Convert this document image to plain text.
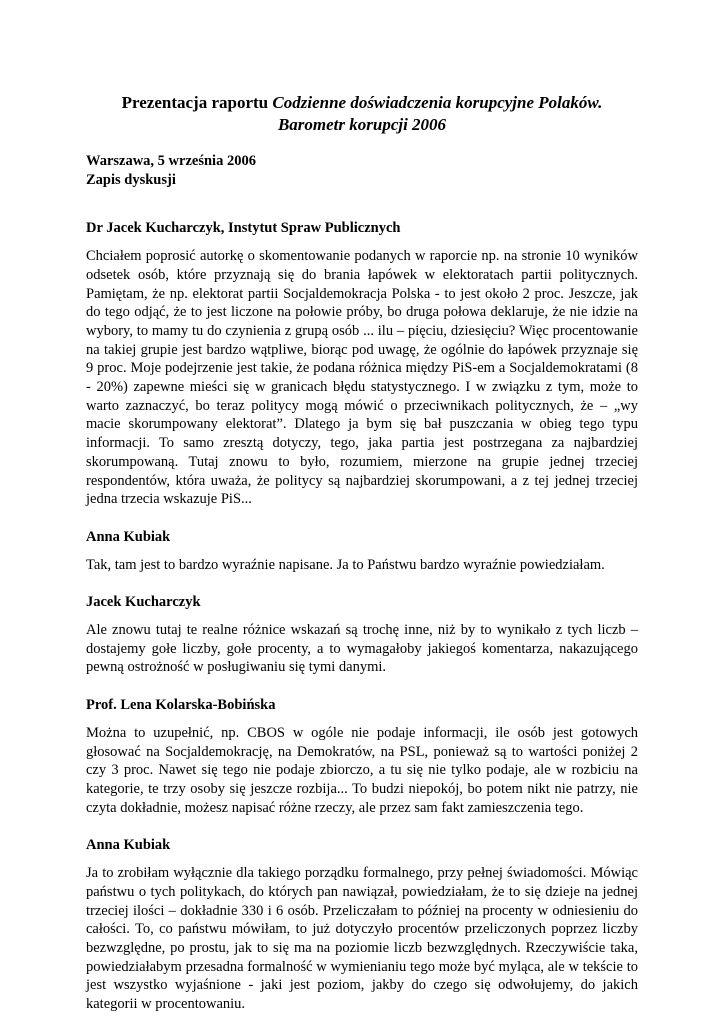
Prezentacja raportu Codzienne doświadczenia korupcyjne Polaków.
Barometr korupcji 2006
Warszawa, 5 września 2006
Zapis dyskusji

Dr Jacek Kucharczyk, Instytut Spraw Publicznych

Chciałem poprosić autorkę o skomentowanie podanych w raporcie np. na stronie 10 wyników odsetek osób, które przyznają się do brania łapówek w elektoratach partii politycznych. Pamiętam, że np. elektorat partii Socjaldemokracja Polska - to jest około 2 proc. Jeszcze, jak do tego odjąć, że to jest liczone na połowie próby, bo druga połowa deklaruje, że nie idzie na wybory, to mamy tu do czynienia z grupą osób ... ilu – pięciu, dziesięciu? Więc procentowanie na takiej grupie jest bardzo wątpliwe, biorąc pod uwagę, że ogólnie do łapówek przyznaje się 9 proc. Moje podejrzenie jest takie, że podana różnica między PiS-em a Socjaldemokratami (8 - 20%) zapewne mieści się w granicach błędu statystycznego. I w związku z tym, może to warto zaznaczyć, bo teraz politycy mogą mówić o przeciwnikach politycznych, że – „wy macie skorumpowany elektorat”. Dlatego ja bym się bał puszczania w obieg tego typu informacji. To samo zresztą dotyczy, tego, jaka partia jest postrzegana za najbardziej skorumpowaną. Tutaj znowu to było, rozumiem, mierzone na grupie jednej trzeciej respondentów, która uważa, że politycy są najbardziej skorumpowani, a z tej jednej trzeciej jedna trzecia wskazuje PiS...

Anna Kubiak

Tak, tam jest to bardzo wyraźnie napisane. Ja to Państwu bardzo wyraźnie powiedziałam.

Jacek Kucharczyk

Ale znowu tutaj te realne różnice wskazań są trochę inne, niż by to wynikało z tych liczb – dostajemy gołe liczby, gołe procenty, a to wymagałoby jakiegoś komentarza, nakazującego pewną ostrożność w posługiwaniu się tymi danymi.

Prof. Lena Kolarska-Bobińska

Można to uzupełnić, np. CBOS w ogóle nie podaje informacji, ile osób jest gotowych głosować na Socjaldemokrację, na Demokratów, na PSL, ponieważ są to wartości poniżej 2 czy 3 proc. Nawet się tego nie podaje zbiorczo, a tu się nie tylko podaje, ale w rozbiciu na kategorie, te trzy osoby się jeszcze rozbija... To budzi niepokój, bo potem nikt nie patrzy, nie czyta dokładnie, możesz napisać różne rzeczy, ale przez sam fakt zamieszczenia tego.

Anna Kubiak

Ja to zrobiłam wyłącznie dla takiego porządku formalnego, przy pełnej świadomości. Mówiąc państwu o tych politykach, do których pan nawiązał, powiedziałam, że to się dzieje na jednej trzeciej ilości – dokładnie 330 i 6 osób. Przeliczałam to później na procenty w odniesieniu do całości. To, co państwu mówiłam, to już dotyczyło procentów przeliczonych poprzez liczby bezwzględne, po prostu, jak to się ma na poziomie liczb bezwzględnych. Rzeczywiście taka, powiedziałabym przesadna formalność w wymienianiu tego może być myląca, ale w tekście to jest wszystko wyjaśnione - jaki jest poziom, jakby do czego się odwołujemy, do jakich kategorii w procentowaniu.
